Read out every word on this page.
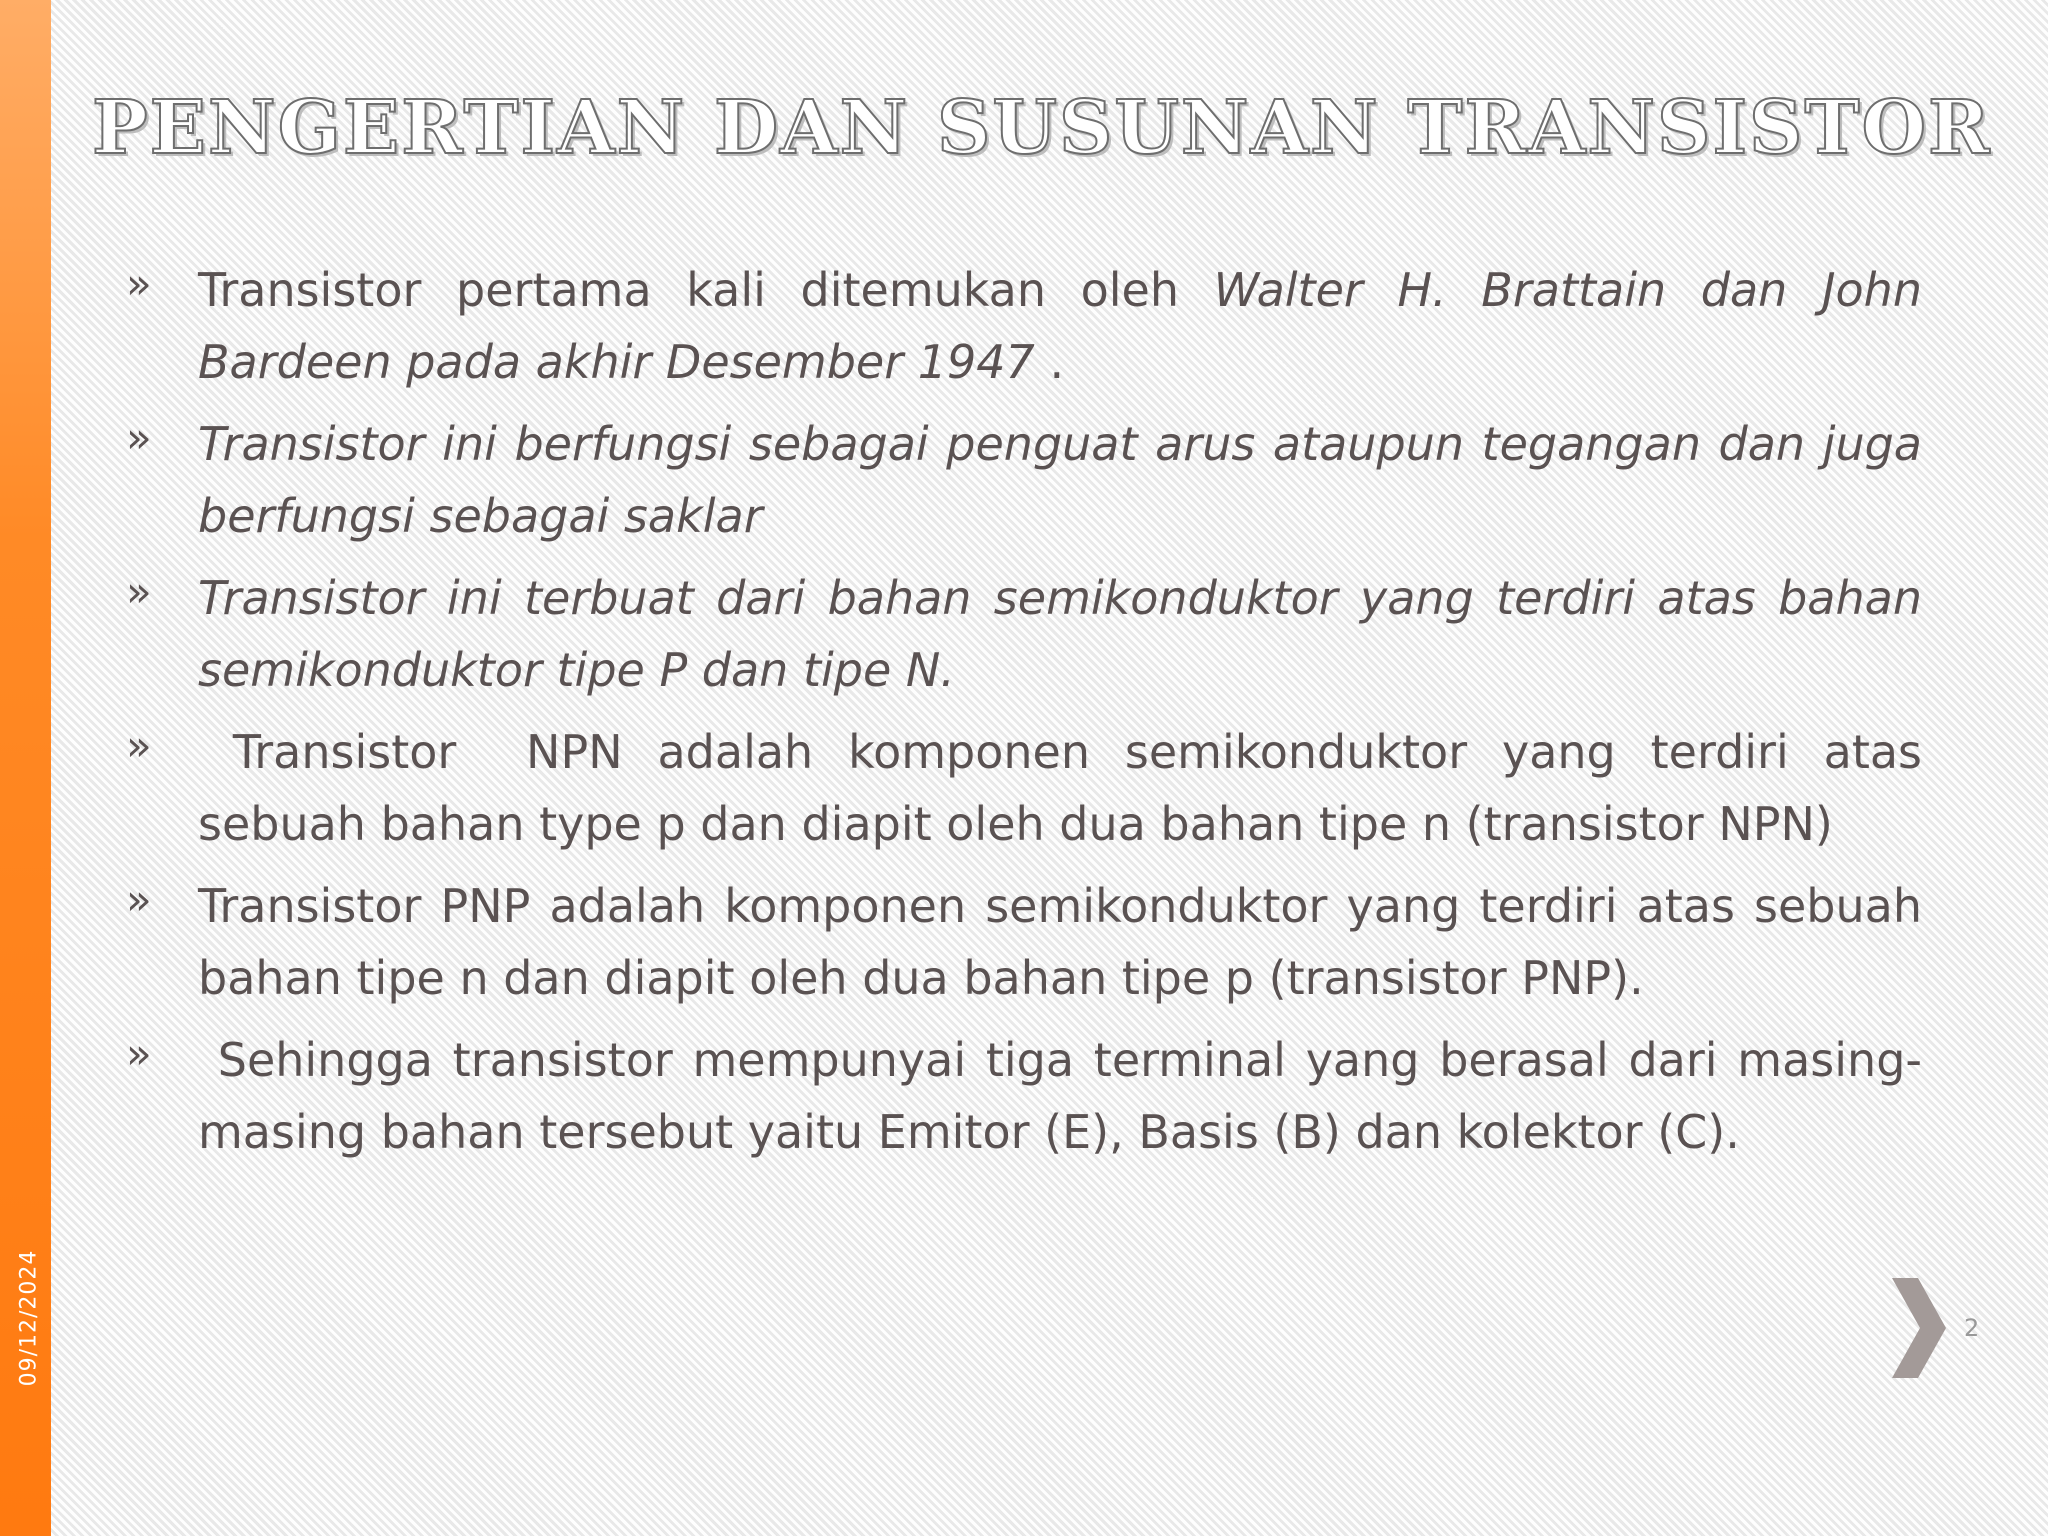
09/12/2024
PENGERTIAN DAN SUSUNAN TRANSISTOR
» Transistor pertama kali ditemukan oleh Walter H. Brattain dan John Bardeen pada akhir Desember 1947 .
» Transistor ini berfungsi sebagai penguat arus ataupun tegangan dan juga berfungsi sebagai saklar
» Transistor ini terbuat dari bahan semikonduktor yang terdiri atas bahan semikonduktor tipe P dan tipe N.
» Transistor  NPN adalah komponen semikonduktor yang terdiri atas sebuah bahan type p dan diapit oleh dua bahan tipe n (transistor NPN)
» Transistor PNP adalah komponen semikonduktor yang terdiri atas sebuah bahan tipe n dan diapit oleh dua bahan tipe p (transistor PNP).
» Sehingga transistor mempunyai tiga terminal yang berasal dari masing-masing bahan tersebut yaitu Emitor (E), Basis (B) dan kolektor (C).
2
